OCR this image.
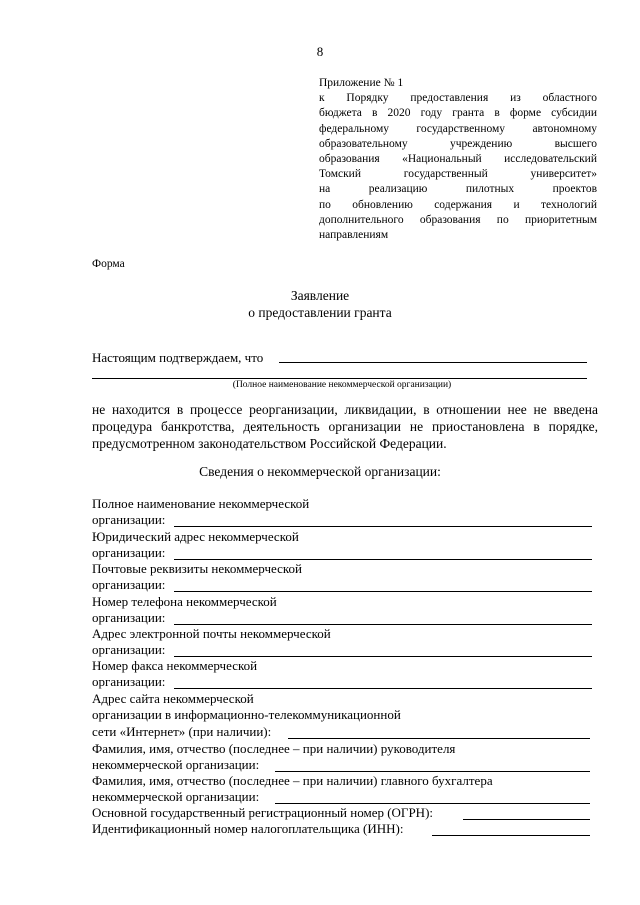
8
Приложение № 1
к Порядку предоставления из областного
бюджета в 2020 году гранта в форме субсидии
федеральному государственному автономному
образовательному учреждению высшего
образования «Национальный исследовательский
Томский государственный университет»
на реализацию пилотных проектов
по обновлению содержания и технологий
дополнительного образования по приоритетным
направлениям
Форма
Заявление
о предоставлении гранта
Настоящим подтверждаем, что
(Полное наименование некоммерческой организации)
не находится в процессе реорганизации, ликвидации, в отношении нее не введена
процедура банкротства, деятельность организации не приостановлена в порядке,
предусмотренном законодательством Российской Федерации.
Сведения о некоммерческой организации:
Полное наименование некоммерческой
организации:
Юридический адрес некоммерческой
организации:
Почтовые реквизиты некоммерческой
организации:
Номер телефона некоммерческой
организации:
Адрес электронной почты некоммерческой
организации:
Номер факса некоммерческой
организации:
Адрес сайта некоммерческой
организации в информационно-телекоммуникационной
сети «Интернет» (при наличии):
Фамилия, имя, отчество (последнее – при наличии) руководителя
некоммерческой организации:
Фамилия, имя, отчество (последнее – при наличии) главного бухгалтера
некоммерческой организации:
Основной государственный регистрационный номер (ОГРН):
Идентификационный номер налогоплательщика (ИНН):
